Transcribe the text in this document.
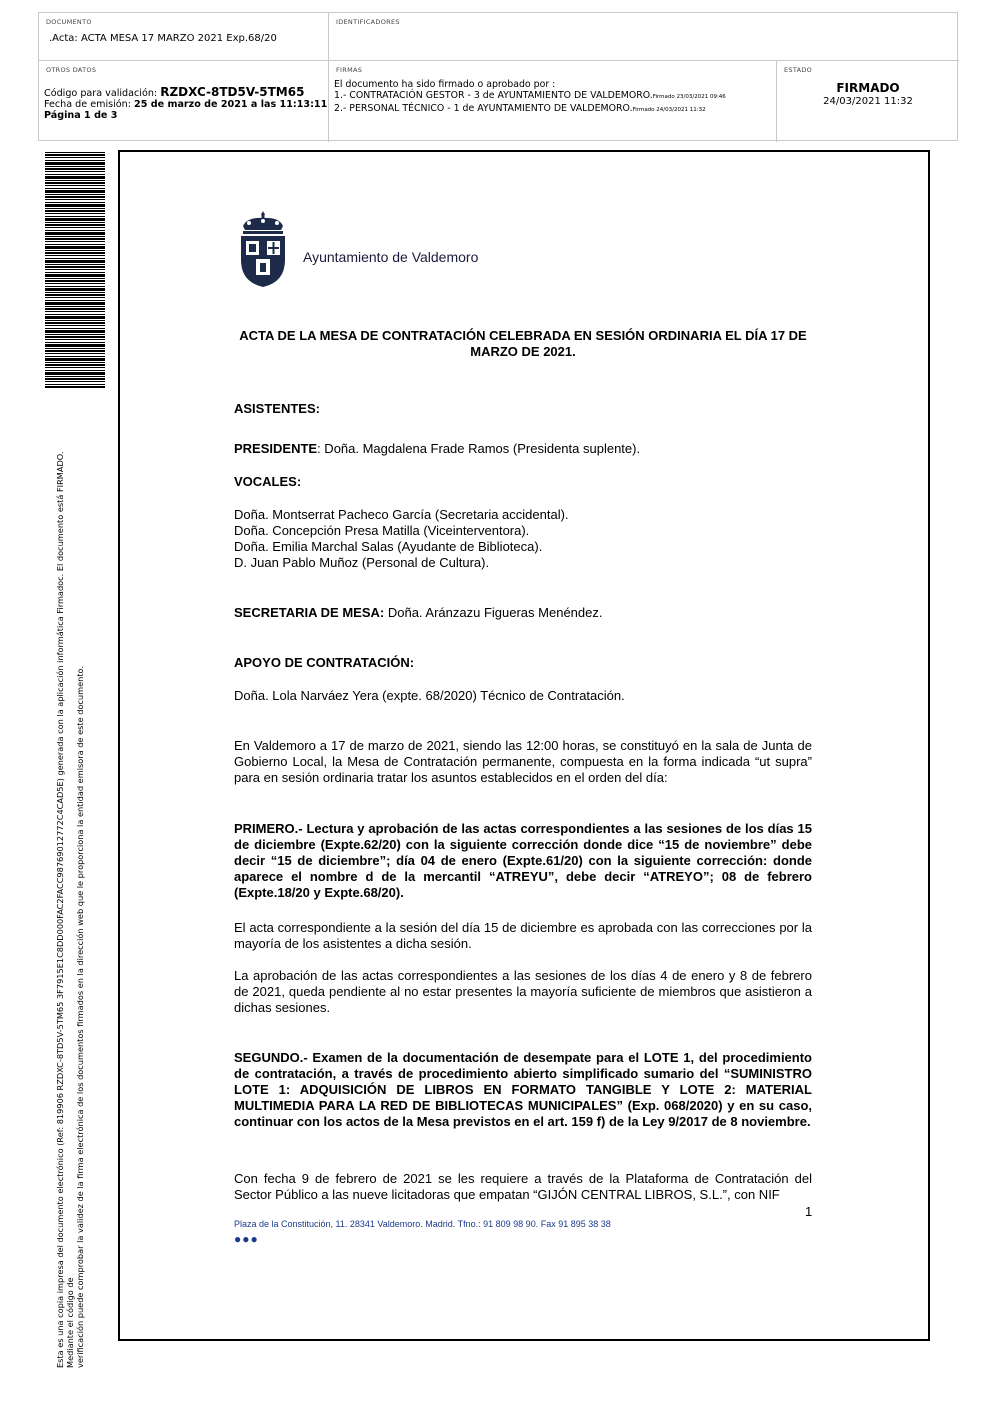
DOCUMENTO
.Acta: ACTA MESA 17 MARZO 2021 Exp.68/20
IDENTIFICADORES
OTROS DATOS
Código para validación: RZDXC-8TD5V-5TM65
Fecha de emisión: 25 de marzo de 2021 a las 11:13:11
Página 1 de 3
FIRMAS
El documento ha sido firmado o aprobado por :
1.- CONTRATACIÓN GESTOR - 3 de AYUNTAMIENTO DE VALDEMORO.Firmado 23/03/2021 09:46
2.- PERSONAL TÉCNICO - 1 de AYUNTAMIENTO DE VALDEMORO.Firmado 24/03/2021 11:32
ESTADO
FIRMADO
24/03/2021 11:32
Esta es una copia impresa del documento electrónico (Ref: 819906 RZDXC-8TD5V-5TM65 3F7915E1C8DD000FAC2FACC98769012772C4CAD5E) generada con la aplicación informática Firmadoc. El documento está FIRMADO. Mediante el código de verificación puede comprobar la validez de la firma electrónica de los documentos firmados en la dirección web que le proporciona la entidad emisora de este documento.
Ayuntamiento de Valdemoro
ACTA DE LA MESA DE CONTRATACIÓN CELEBRADA EN SESIÓN ORDINARIA EL DÍA 17 DE MARZO DE 2021.
ASISTENTES:
PRESIDENTE: Doña. Magdalena Frade Ramos (Presidenta suplente).
VOCALES:
Doña. Montserrat Pacheco García (Secretaria accidental).
Doña. Concepción Presa Matilla (Viceinterventora).
Doña. Emilia Marchal Salas (Ayudante de Biblioteca).
D. Juan Pablo Muñoz (Personal de Cultura).
SECRETARIA DE MESA: Doña. Aránzazu Figueras Menéndez.
APOYO DE CONTRATACIÓN:
Doña. Lola Narváez Yera (expte. 68/2020) Técnico de Contratación.
En Valdemoro a 17 de marzo de 2021, siendo las 12:00 horas, se constituyó en la sala de Junta de Gobierno Local, la Mesa de Contratación permanente, compuesta en la forma indicada “ut supra” para en sesión ordinaria tratar los asuntos establecidos en el orden del día:
PRIMERO.- Lectura y aprobación de las actas correspondientes a las sesiones de los días 15 de diciembre (Expte.62/20) con la siguiente corrección donde dice “15 de noviembre” debe decir “15 de diciembre”; día 04 de enero (Expte.61/20) con la siguiente corrección: donde aparece el nombre d de la mercantil “ATREYU”, debe decir “ATREYO”; 08 de febrero (Expte.18/20 y Expte.68/20).
El acta correspondiente a la sesión del día 15 de diciembre es aprobada con las correcciones por la mayoría de los asistentes a dicha sesión.
La aprobación de las actas correspondientes a las sesiones de los días 4 de enero y 8 de febrero de 2021, queda pendiente al no estar presentes la mayoría suficiente de miembros que asistieron a dichas sesiones.
SEGUNDO.- Examen de la documentación de desempate para el LOTE 1, del procedimiento de contratación, a través de procedimiento abierto simplificado sumario del “SUMINISTRO LOTE 1: ADQUISICIÓN DE LIBROS EN FORMATO TANGIBLE Y LOTE 2: MATERIAL MULTIMEDIA PARA LA RED DE BIBLIOTECAS MUNICIPALES” (Exp. 068/2020) y en su caso, continuar con los actos de la Mesa previstos en el art. 159 f) de la Ley 9/2017 de 8 noviembre.
Con fecha 9 de febrero de 2021 se les requiere a través de la Plataforma de Contratación del Sector Público a las nueve licitadoras que empatan “GIJÓN CENTRAL LIBROS, S.L.”, con NIF
1
Plaza de la Constitución, 11. 28341 Valdemoro. Madrid. Tfno.: 91 809 98 90. Fax 91 895 38 38
●●●
